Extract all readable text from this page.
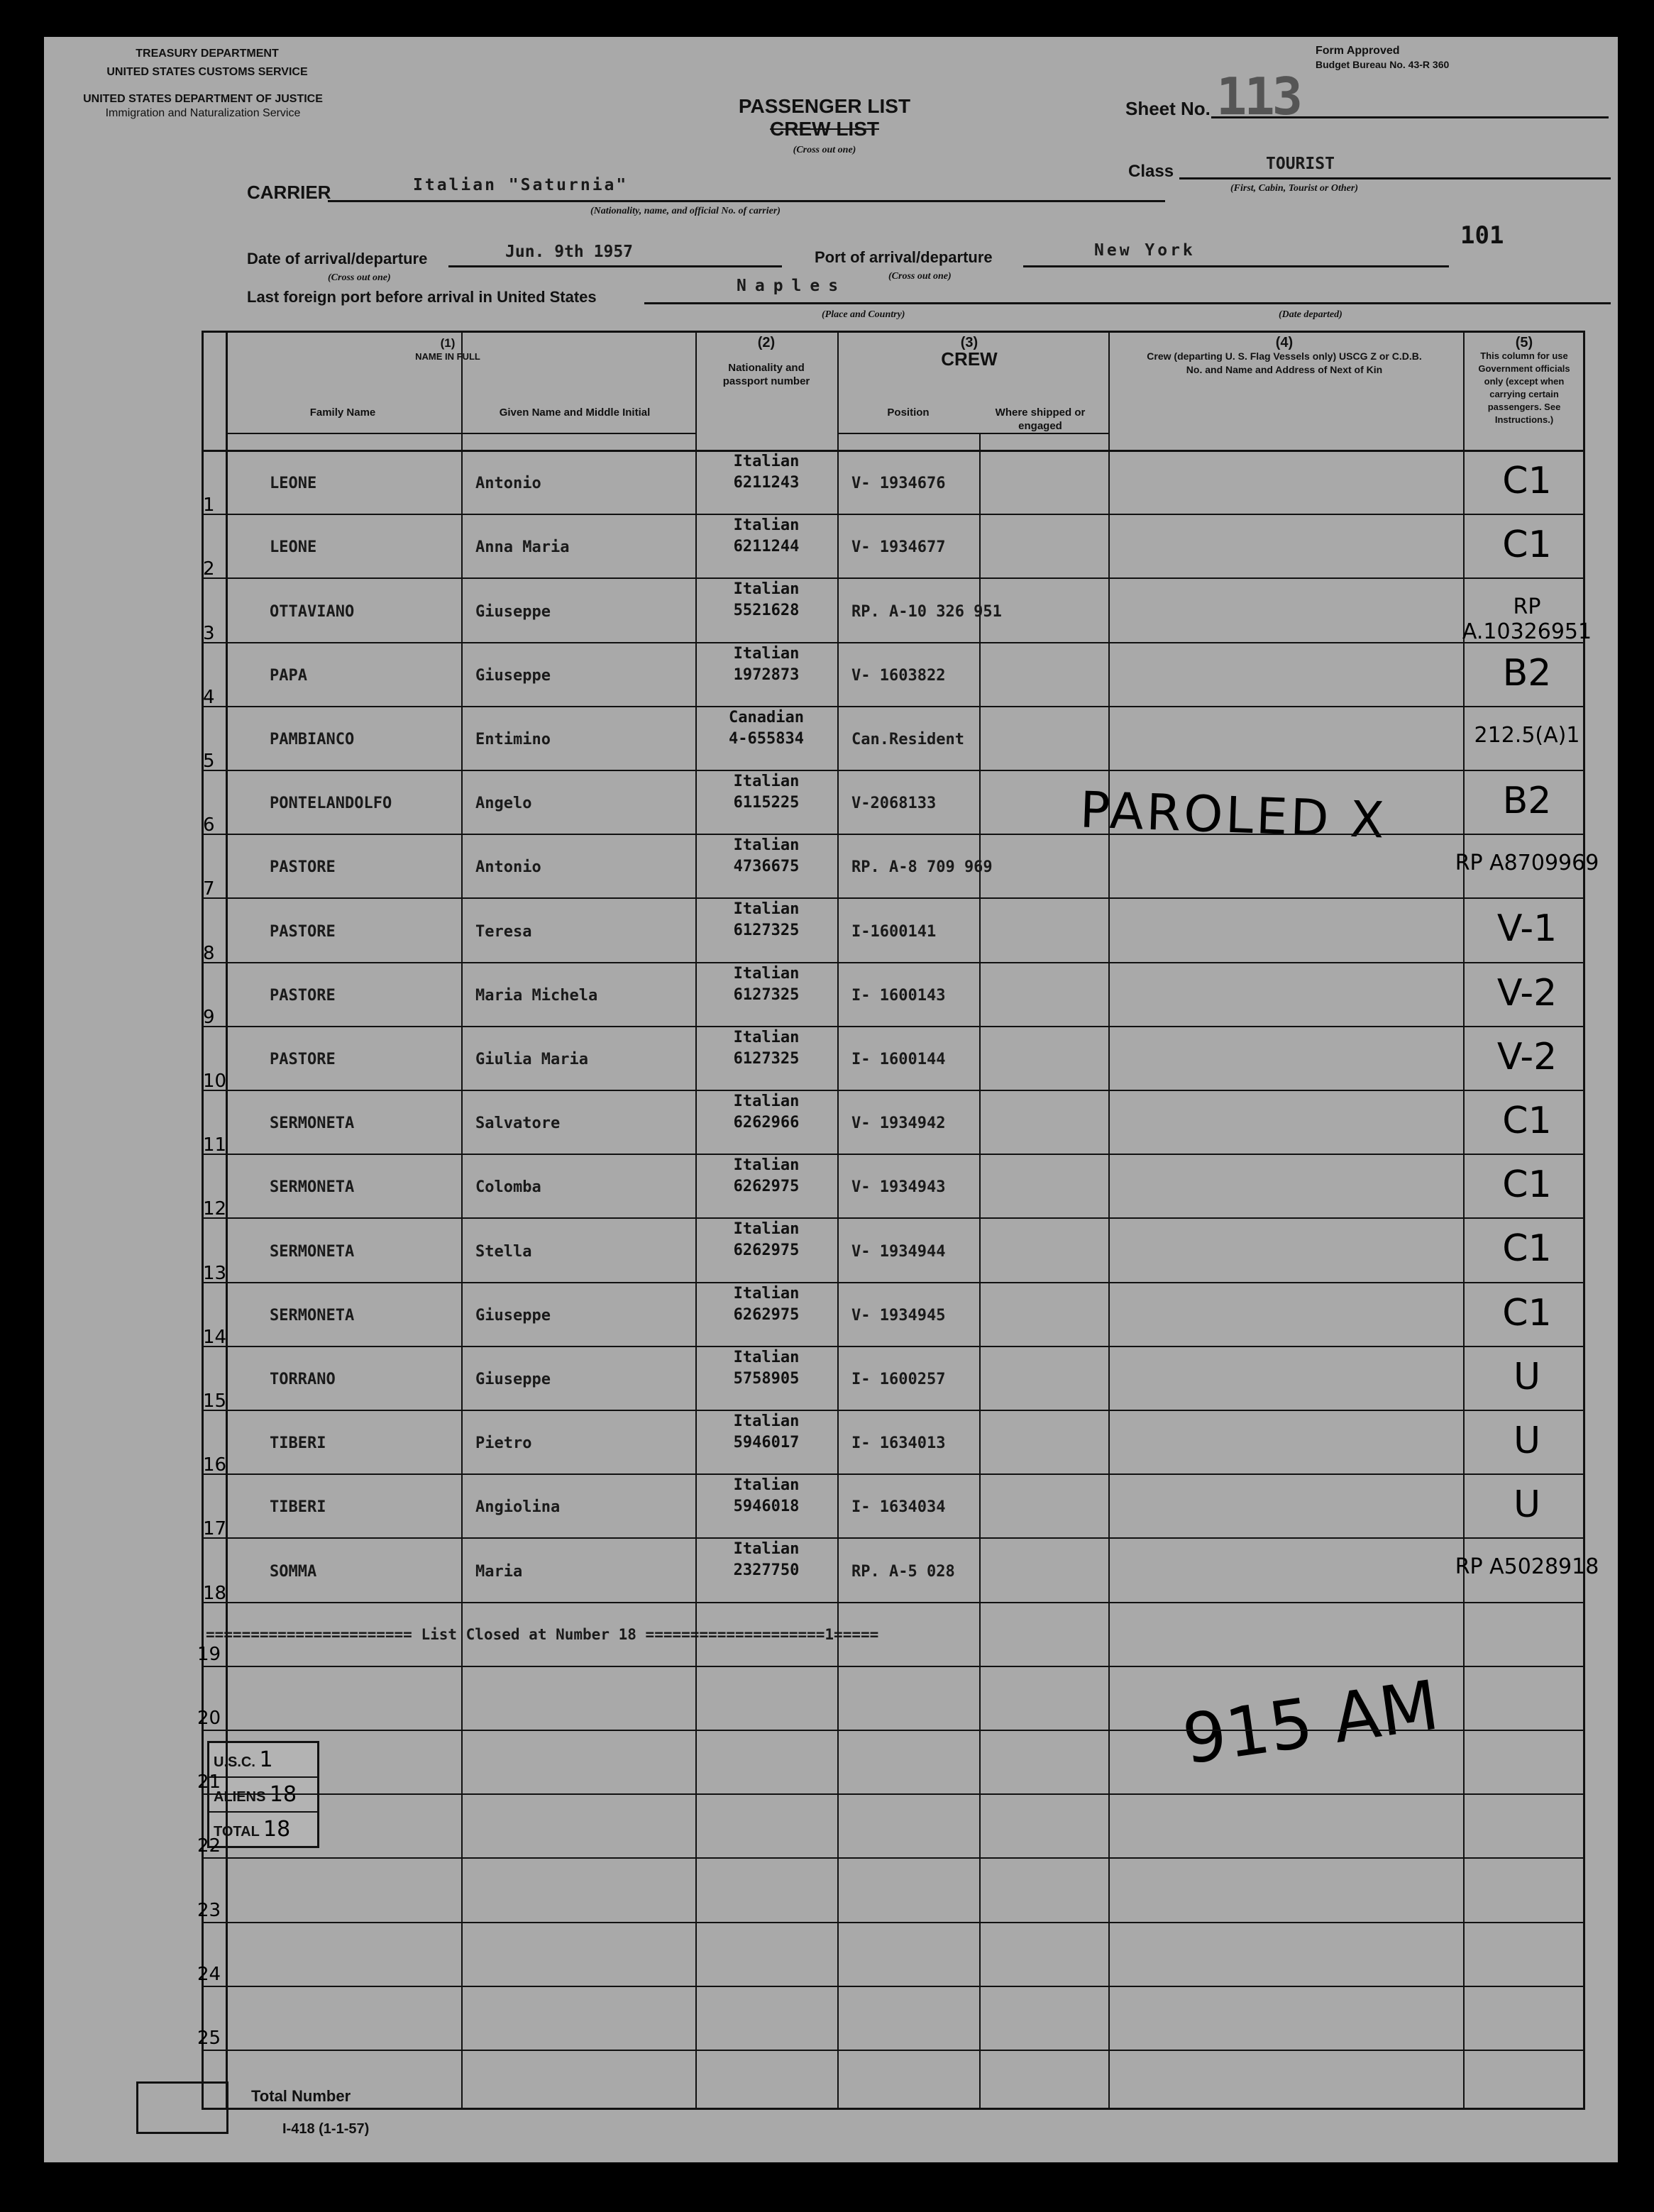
TREASURY DEPARTMENT
UNITED STATES CUSTOMS SERVICE
UNITED STATES DEPARTMENT OF JUSTICE
Immigration and Naturalization Service	PASSENGER LIST
CREW LIST
(Cross out one)
Sheet No. 113
Form Approved
Budget Bureau No. 43-R 360
Class	TOURIST
(First, Cabin, Tourist or Other)
101
CARRIER	Italian "Saturnia"
(Nationality, name, and official No. of carrier)
Date of arrival/departure
(Cross out one)
Jun. 9th 1957	Port of arrival/departure
(Cross out one)
New York
Last foreign port before arrival in United States
Naples
(Place and Country)	(Date departed)
(1)
NAME IN FULL
Family Name	Given Name and Middle Initial
(2)
Nationality and passport number
(3)
CREW
Position	Where shipped or engaged
(4)
Crew (departing U. S. Flag Vessels only) USCG Z or C.D.B. No. and Name and Address of Next of Kin
(5)
This column for use Government officials only (except when carrying certain passengers. See Instructions.)
======================= List Closed at Number 18 ====================1=====
PAROLED X
915 AM
U.S.C. 1
ALIENS 18
TOTAL 18
Total Number
I-418 (1-1-57)
1
LEONE	Antonio
Italian
6211243	V- 1934676	C1
2
LEONE	Anna Maria
Italian
6211244	V- 1934677	C1
3
OTTAVIANO	Giuseppe
Italian
5521628	RP. A-10 326 951	RP A.10326951
4
PAPA	Giuseppe
Italian
1972873	V- 1603822	B2
5
PAMBIANCO	Entimino
Canadian
4-655834	Can.Resident	212.5(A)1
6
PONTELANDOLFO	Angelo
Italian
6115225	V-2068133	B2
7
PASTORE	Antonio
Italian
4736675	RP. A-8 709 969	RP A8709969
8
PASTORE	Teresa
Italian
6127325	I-1600141	V-1
9
PASTORE	Maria Michela
Italian
6127325	I- 1600143	V-2
10
PASTORE	Giulia Maria
Italian
6127325	I- 1600144	V-2
11
SERMONETA	Salvatore
Italian
6262966	V- 1934942	C1
12
SERMONETA	Colomba
Italian
6262975	V- 1934943	C1
13
SERMONETA	Stella
Italian
6262975	V- 1934944	C1
14
SERMONETA	Giuseppe
Italian
6262975	V- 1934945	C1
15
TORRANO	Giuseppe
Italian
5758905	I- 1600257	U
16
TIBERI	Pietro
Italian
5946017	I- 1634013	U
17
TIBERI	Angiolina
Italian
5946018	I- 1634034	U
18
SOMMA	Maria
Italian
2327750	RP. A-5 028	RP A5028918
19
20
21
22
23
24
25
